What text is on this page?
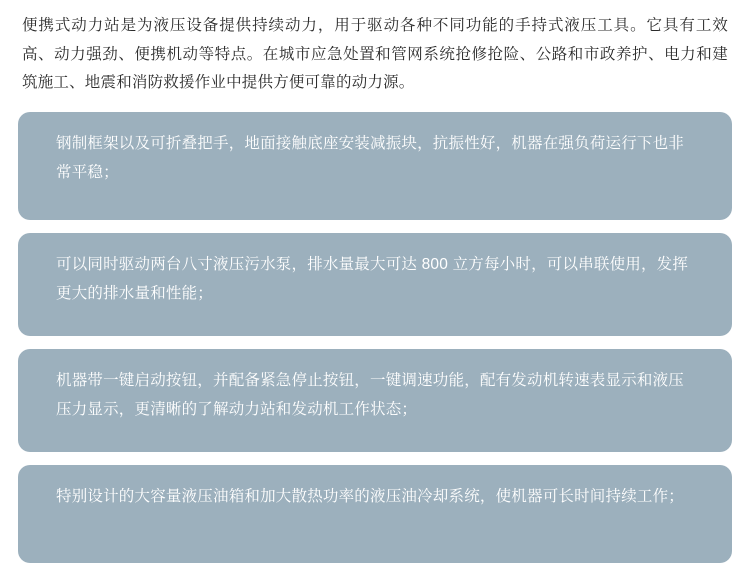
便携式动力站是为液压设备提供持续动力，用于驱动各种不同功能的手持式液压工具。它具有工效高、动力强劲、便携机动等特点。在城市应急处置和管网系统抢修抢险、公路和市政养护、电力和建筑施工、地震和消防救援作业中提供方便可靠的动力源。
钢制框架以及可折叠把手，地面接触底座安装减振块，抗振性好，机器在强负荷运行下也非常平稳；
可以同时驱动两台八寸液压污水泵，排水量最大可达 800 立方每小时，可以串联使用，发挥更大的排水量和性能；
机器带一键启动按钮，并配备紧急停止按钮，一键调速功能，配有发动机转速表显示和液压压力显示，更清晰的了解动力站和发动机工作状态；
特别设计的大容量液压油箱和加大散热功率的液压油冷却系统，使机器可长时间持续工作；
